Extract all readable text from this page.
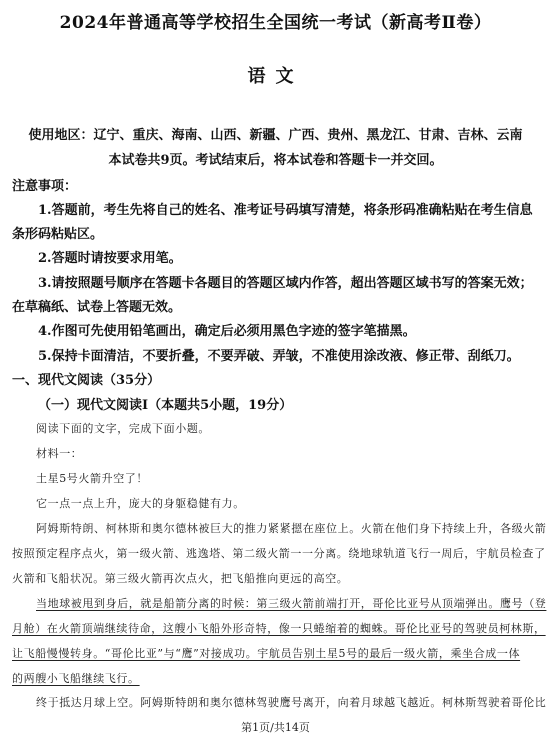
2024年普通高等学校招生全国统一考试（新高考Ⅱ卷）
语文
使用地区：辽宁、重庆、海南、山西、新疆、广西、贵州、黑龙江、甘肃、吉林、云南
本试卷共9页。考试结束后，将本试卷和答题卡一并交回。
注意事项：
1.答题前，考生先将自己的姓名、准考证号码填写清楚，将条形码准确粘贴在考生信息
条形码粘贴区。
2.答题时请按要求用笔。
3.请按照题号顺序在答题卡各题目的答题区域内作答，超出答题区域书写的答案无效；
在草稿纸、试卷上答题无效。
4.作图可先使用铅笔画出，确定后必须用黑色字迹的签字笔描黑。
5.保持卡面清洁，不要折叠，不要弄破、弄皱，不准使用涂改液、修正带、刮纸刀。
一、现代文阅读（35分）
（一）现代文阅读Ⅰ（本题共5小题，19分）
阅读下面的文字，完成下面小题。
材料一：
土星5号火箭升空了！
它一点一点上升，庞大的身躯稳健有力。
阿姆斯特朗、柯林斯和奥尔德林被巨大的推力紧紧摁在座位上。火箭在他们身下持续上升，各级火箭
按照预定程序点火，第一级火箭、逃逸塔、第二级火箭一一分离。绕地球轨道飞行一周后，宇航员检查了
火箭和飞船状况。第三级火箭再次点火，把飞船推向更远的高空。
当地球被甩到身后，就是船箭分离的时候：第三级火箭前端打开，哥伦比亚号从顶端弹出。鹰号（登
月舱）在火箭顶端继续待命，这艘小飞船外形奇特，像一只蜷缩着的蜘蛛。哥伦比亚号的驾驶员柯林斯，
让飞船慢慢转身。“哥伦比亚”与“鹰”对接成功。宇航员告别土星5号的最后一级火箭，乘坐合成一体
的两艘小飞船继续飞行。
终于抵达月球上空。阿姆斯特朗和奥尔德林驾驶鹰号离开，向着月球越飞越近。柯林斯驾驶着哥伦比
第1页/共14页
